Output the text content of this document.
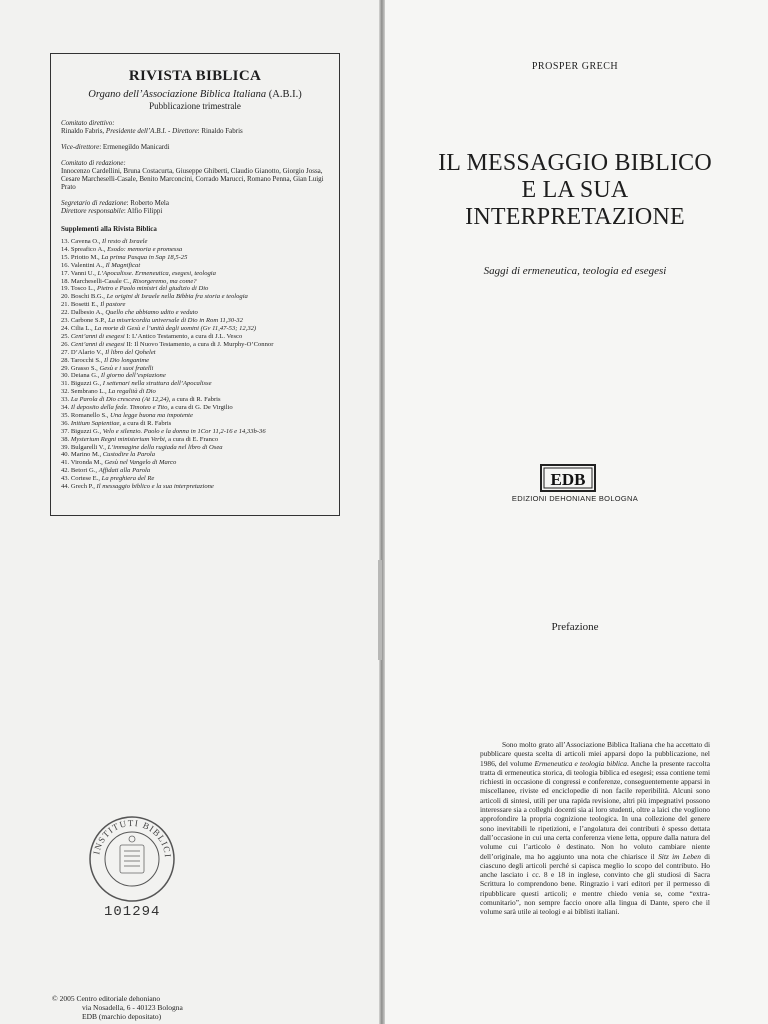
RIVISTA BIBLICA
Organo dell’Associazione Biblica Italiana (A.B.I.)
Pubblicazione trimestrale
Comitato direttivo:
Rinaldo Fabris, Presidente dell’A.B.I. - Direttore: Rinaldo Fabris
Vice-direttore: Ermenegildo Manicardi
Comitato di redazione:
Innocenzo Cardellini, Bruna Costacurta, Giuseppe Ghiberti, Claudio Gianotto, Giorgio Jossa, Cesare Marcheselli-Casale, Benito Marconcini, Corrado Marucci, Romano Penna, Gian Luigi Prato
Segretario di redazione: Roberto Mela
Direttore responsabile: Alfio Filippi
Supplementi alla Rivista Biblica
13. Cavena O., Il resto di Israele
14. Spreafico A., Esodo: memoria e promessa
15. Priotto M., La prima Pasqua in Sap 18,5-25
16. Valentini A., Il Magnificat
17. Vanni U., L’Apocalisse. Ermeneutica, esegesi, teologia
18. Marcheselli-Casale C., Risorgeremo, ma come?
19. Tosco L., Pietro e Paolo ministri del giudizio di Dio
20. Boschi B.G., Le origini di Israele nella Bibbia fra storia e teologia
21. Bosetti E., Il pastore
22. Dalbesio A., Quello che abbiamo udito e veduto
23. Carbone S.P., La misericordia universale di Dio in Rom 11,30-32
24. Cilia L., La morte di Gesù e l’unità degli uomini (Gv 11,47-53; 12,32)
25. Cent’anni di esegesi I: L’Antico Testamento, a cura di J.L. Vesco
26. Cent’anni di esegesi II: Il Nuovo Testamento, a cura di J. Murphy-O’Connor
27. D’Alario V., Il libro del Qohelet
28. Tarocchi S., Il Dio longanime
29. Grasso S., Gesù e i suoi fratelli
30. Deiana G., Il giorno dell’espiazione
31. Biguzzi G., I settenari nella struttura dell’Apocalisse
32. Sembrano L., La regalità di Dio
33. La Parola di Dio cresceva (At 12,24), a cura di R. Fabris
34. Il deposito della fede. Timoteo e Tito, a cura di G. De Virgilio
35. Romanello S., Una legge buona ma impotente
36. Initium Sapientiae, a cura di R. Fabris
37. Biguzzi G., Velo e silenzio. Paolo e la donna in 1Cor 11,2-16 e 14,33b-36
38. Mysterium Regni ministerium Verbi, a cura di E. Franco
39. Bulgarelli V., L’immagine della rugiada nel libro di Osea
40. Marino M., Custodire la Parola
41. Vironda M., Gesù nel Vangelo di Marco
42. Betori G., Affidati alla Parola
43. Cortese E., La preghiera del Re
44. Grech P., Il messaggio biblico e la sua interpretazione
INSTITUTI BIBLICI
101294
© 2005 Centro editoriale dehoniano
via Nosadella, 6 - 40123 Bologna
EDB (marchio depositato)
PROSPER GRECH
IL MESSAGGIO BIBLICO
E LA SUA
INTERPRETAZIONE
Saggi di ermeneutica, teologia ed esegesi
EDB
EDIZIONI DEHONIANE BOLOGNA
Prefazione

Sono molto grato all’Associazione Biblica Italiana che ha accettato di pubblicare questa scelta di articoli miei apparsi dopo la pubblicazione, nel 1986, del volume Ermeneutica e teologia biblica. Anche la presente raccolta tratta di ermeneutica storica, di teologia biblica ed esegesi; essa contiene temi richiesti in occasione di congressi e conferenze, conseguentemente apparsi in miscellanee, riviste ed enciclopedie di non facile reperibilità. Alcuni sono articoli di sintesi, utili per una rapida revisione, altri più impegnativi possono interessare sia a colleghi docenti sia ai loro studenti, oltre a laici che vogliono approfondire la propria cognizione teologica. In una collezione del genere sono inevitabili le ripetizioni, e l’angolatura dei contributi è spesso dettata dall’occasione in cui una certa conferenza viene letta, oppure dalla natura del volume cui l’articolo è destinato. Non ho voluto cambiare niente dell’originale, ma ho aggiunto una nota che chiarisce il Sitz im Leben di ciascuno degli articoli perché si capisca meglio lo scopo del contributo. Ho anche lasciato i cc. 8 e 18 in inglese, convinto che gli studiosi di Sacra Scrittura lo comprendono bene. Ringrazio i vari editori per il permesso di ripubblicare questi articoli; e mentre chiedo venia se, come “extra-comunitario”, non sempre faccio onore alla lingua di Dante, spero che il volume sarà utile ai teologi e ai biblisti italiani.
